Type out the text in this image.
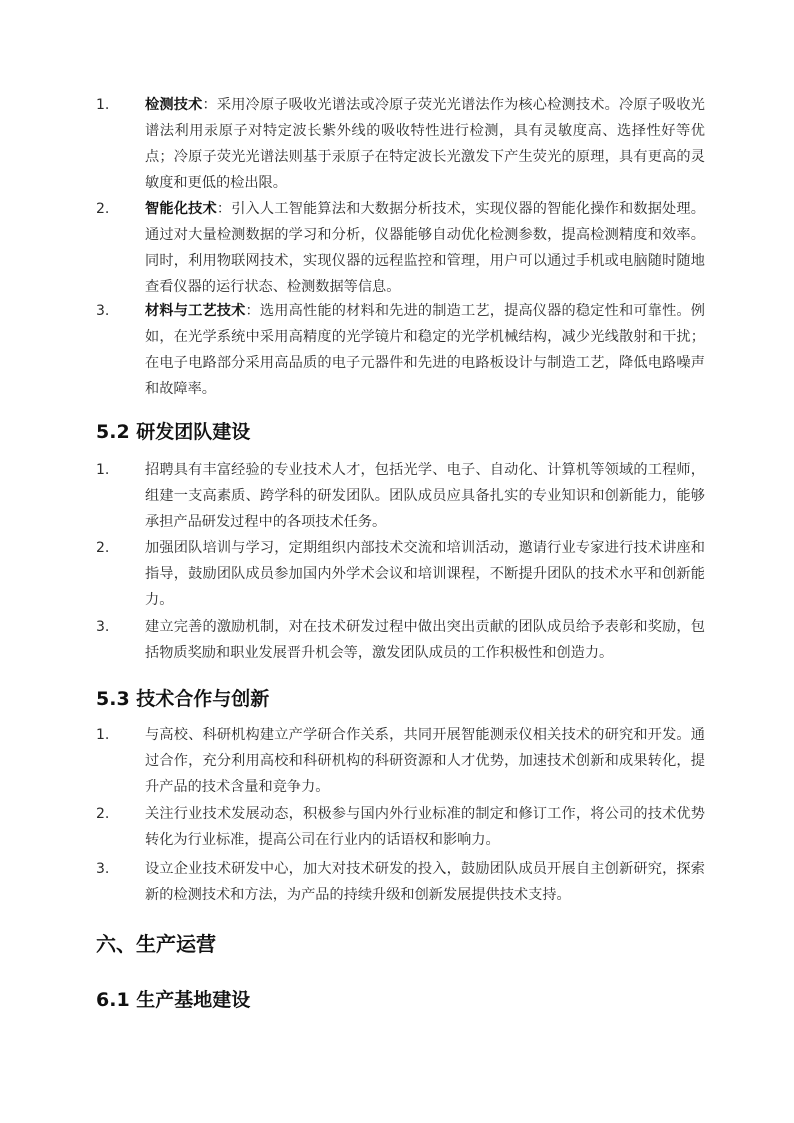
1.	检测技术：采用冷原子吸收光谱法或冷原子荧光光谱法作为核心检测技术。冷原子吸收光谱法利用汞原子对特定波长紫外线的吸收特性进行检测，具有灵敏度高、选择性好等优点；冷原子荧光光谱法则基于汞原子在特定波长光激发下产生荧光的原理，具有更高的灵敏度和更低的检出限。
2.	智能化技术：引入人工智能算法和大数据分析技术，实现仪器的智能化操作和数据处理。通过对大量检测数据的学习和分析，仪器能够自动优化检测参数，提高检测精度和效率。同时，利用物联网技术，实现仪器的远程监控和管理，用户可以通过手机或电脑随时随地查看仪器的运行状态、检测数据等信息。
3.	材料与工艺技术：选用高性能的材料和先进的制造工艺，提高仪器的稳定性和可靠性。例如，在光学系统中采用高精度的光学镜片和稳定的光学机械结构，减少光线散射和干扰；在电子电路部分采用高品质的电子元器件和先进的电路板设计与制造工艺，降低电路噪声和故障率。
5.2 研发团队建设
1.	招聘具有丰富经验的专业技术人才，包括光学、电子、自动化、计算机等领域的工程师，组建一支高素质、跨学科的研发团队。团队成员应具备扎实的专业知识和创新能力，能够承担产品研发过程中的各项技术任务。
2.	加强团队培训与学习，定期组织内部技术交流和培训活动，邀请行业专家进行技术讲座和指导，鼓励团队成员参加国内外学术会议和培训课程，不断提升团队的技术水平和创新能力。
3.	建立完善的激励机制，对在技术研发过程中做出突出贡献的团队成员给予表彰和奖励，包括物质奖励和职业发展晋升机会等，激发团队成员的工作积极性和创造力。
5.3 技术合作与创新
1.	与高校、科研机构建立产学研合作关系，共同开展智能测汞仪相关技术的研究和开发。通过合作，充分利用高校和科研机构的科研资源和人才优势，加速技术创新和成果转化，提升产品的技术含量和竞争力。
2.	关注行业技术发展动态，积极参与国内外行业标准的制定和修订工作，将公司的技术优势转化为行业标准，提高公司在行业内的话语权和影响力。
3.	设立企业技术研发中心，加大对技术研发的投入，鼓励团队成员开展自主创新研究，探索新的检测技术和方法，为产品的持续升级和创新发展提供技术支持。
六、生产运营
6.1 生产基地建设
